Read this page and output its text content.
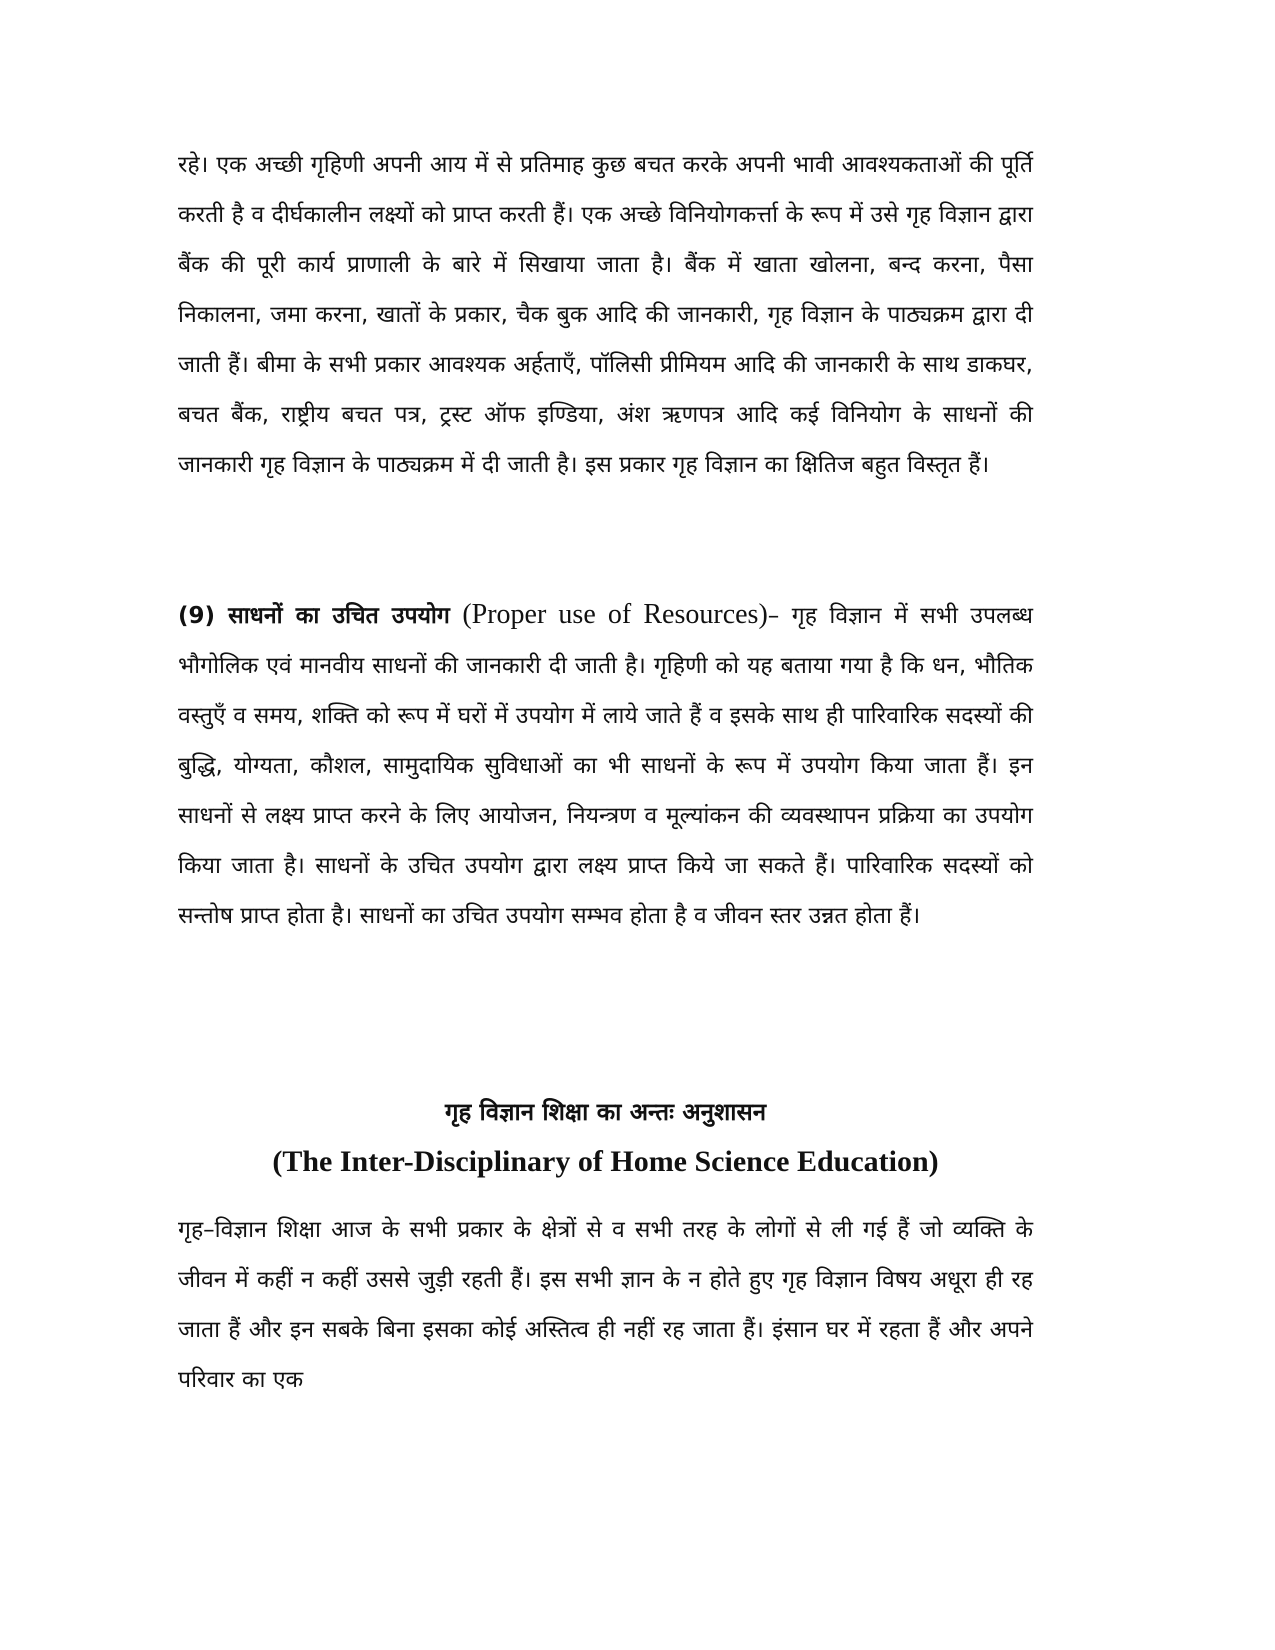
रहे। एक अच्छी गृहिणी अपनी आय में से प्रतिमाह कुछ बचत करके अपनी भावी आवश्यकताओं की पूर्ति करती है व दीर्घकालीन लक्ष्यों को प्राप्त करती हैं। एक अच्छे विनियोगकर्त्ता के रूप में उसे गृह विज्ञान द्वारा बैंक की पूरी कार्य प्राणाली के बारे में सिखाया जाता है। बैंक में खाता खोलना, बन्द करना, पैसा निकालना, जमा करना, खातों के प्रकार, चैक बुक आदि की जानकारी, गृह विज्ञान के पाठ्यक्रम द्वारा दी जाती हैं। बीमा के सभी प्रकार आवश्यक अर्हताएँ, पॉलिसी प्रीमियम आदि की जानकारी के साथ डाकघर, बचत बैंक, राष्ट्रीय बचत पत्र, ट्रस्ट ऑफ इण्डिया, अंश ऋणपत्र आदि कई विनियोग के साधनों की जानकारी गृह विज्ञान के पाठ्यक्रम में दी जाती है। इस प्रकार गृह विज्ञान का क्षितिज बहुत विस्तृत हैं।

(9) साधनों का उचित उपयोग (Proper use of Resources)– गृह विज्ञान में सभी उपलब्ध भौगोलिक एवं मानवीय साधनों की जानकारी दी जाती है। गृहिणी को यह बताया गया है कि धन, भौतिक वस्तुएँ व समय, शक्ति को रूप में घरों में उपयोग में लाये जाते हैं व इसके साथ ही पारिवारिक सदस्यों की बुद्धि, योग्यता, कौशल, सामुदायिक सुविधाओं का भी साधनों के रूप में उपयोग किया जाता हैं। इन साधनों से लक्ष्य प्राप्त करने के लिए आयोजन, नियन्त्रण व मूल्यांकन की व्यवस्थापन प्रक्रिया का उपयोग किया जाता है। साधनों के उचित उपयोग द्वारा लक्ष्य प्राप्त किये जा सकते हैं। पारिवारिक सदस्यों को सन्तोष प्राप्त होता है। साधनों का उचित उपयोग सम्भव होता है व जीवन स्तर उन्नत होता हैं।

गृह विज्ञान शिक्षा का अन्तः अनुशासन
(The Inter-Disciplinary of Home Science Education)

गृह–विज्ञान शिक्षा आज के सभी प्रकार के क्षेत्रों से व सभी तरह के लोगों से ली गई हैं जो व्यक्ति के जीवन में कहीं न कहीं उससे जुड़ी रहती हैं। इस सभी ज्ञान के न होते हुए गृह विज्ञान विषय अधूरा ही रह जाता हैं और इन सबके बिना इसका कोई अस्तित्व ही नहीं रह जाता हैं। इंसान घर में रहता हैं और अपने परिवार का एक
